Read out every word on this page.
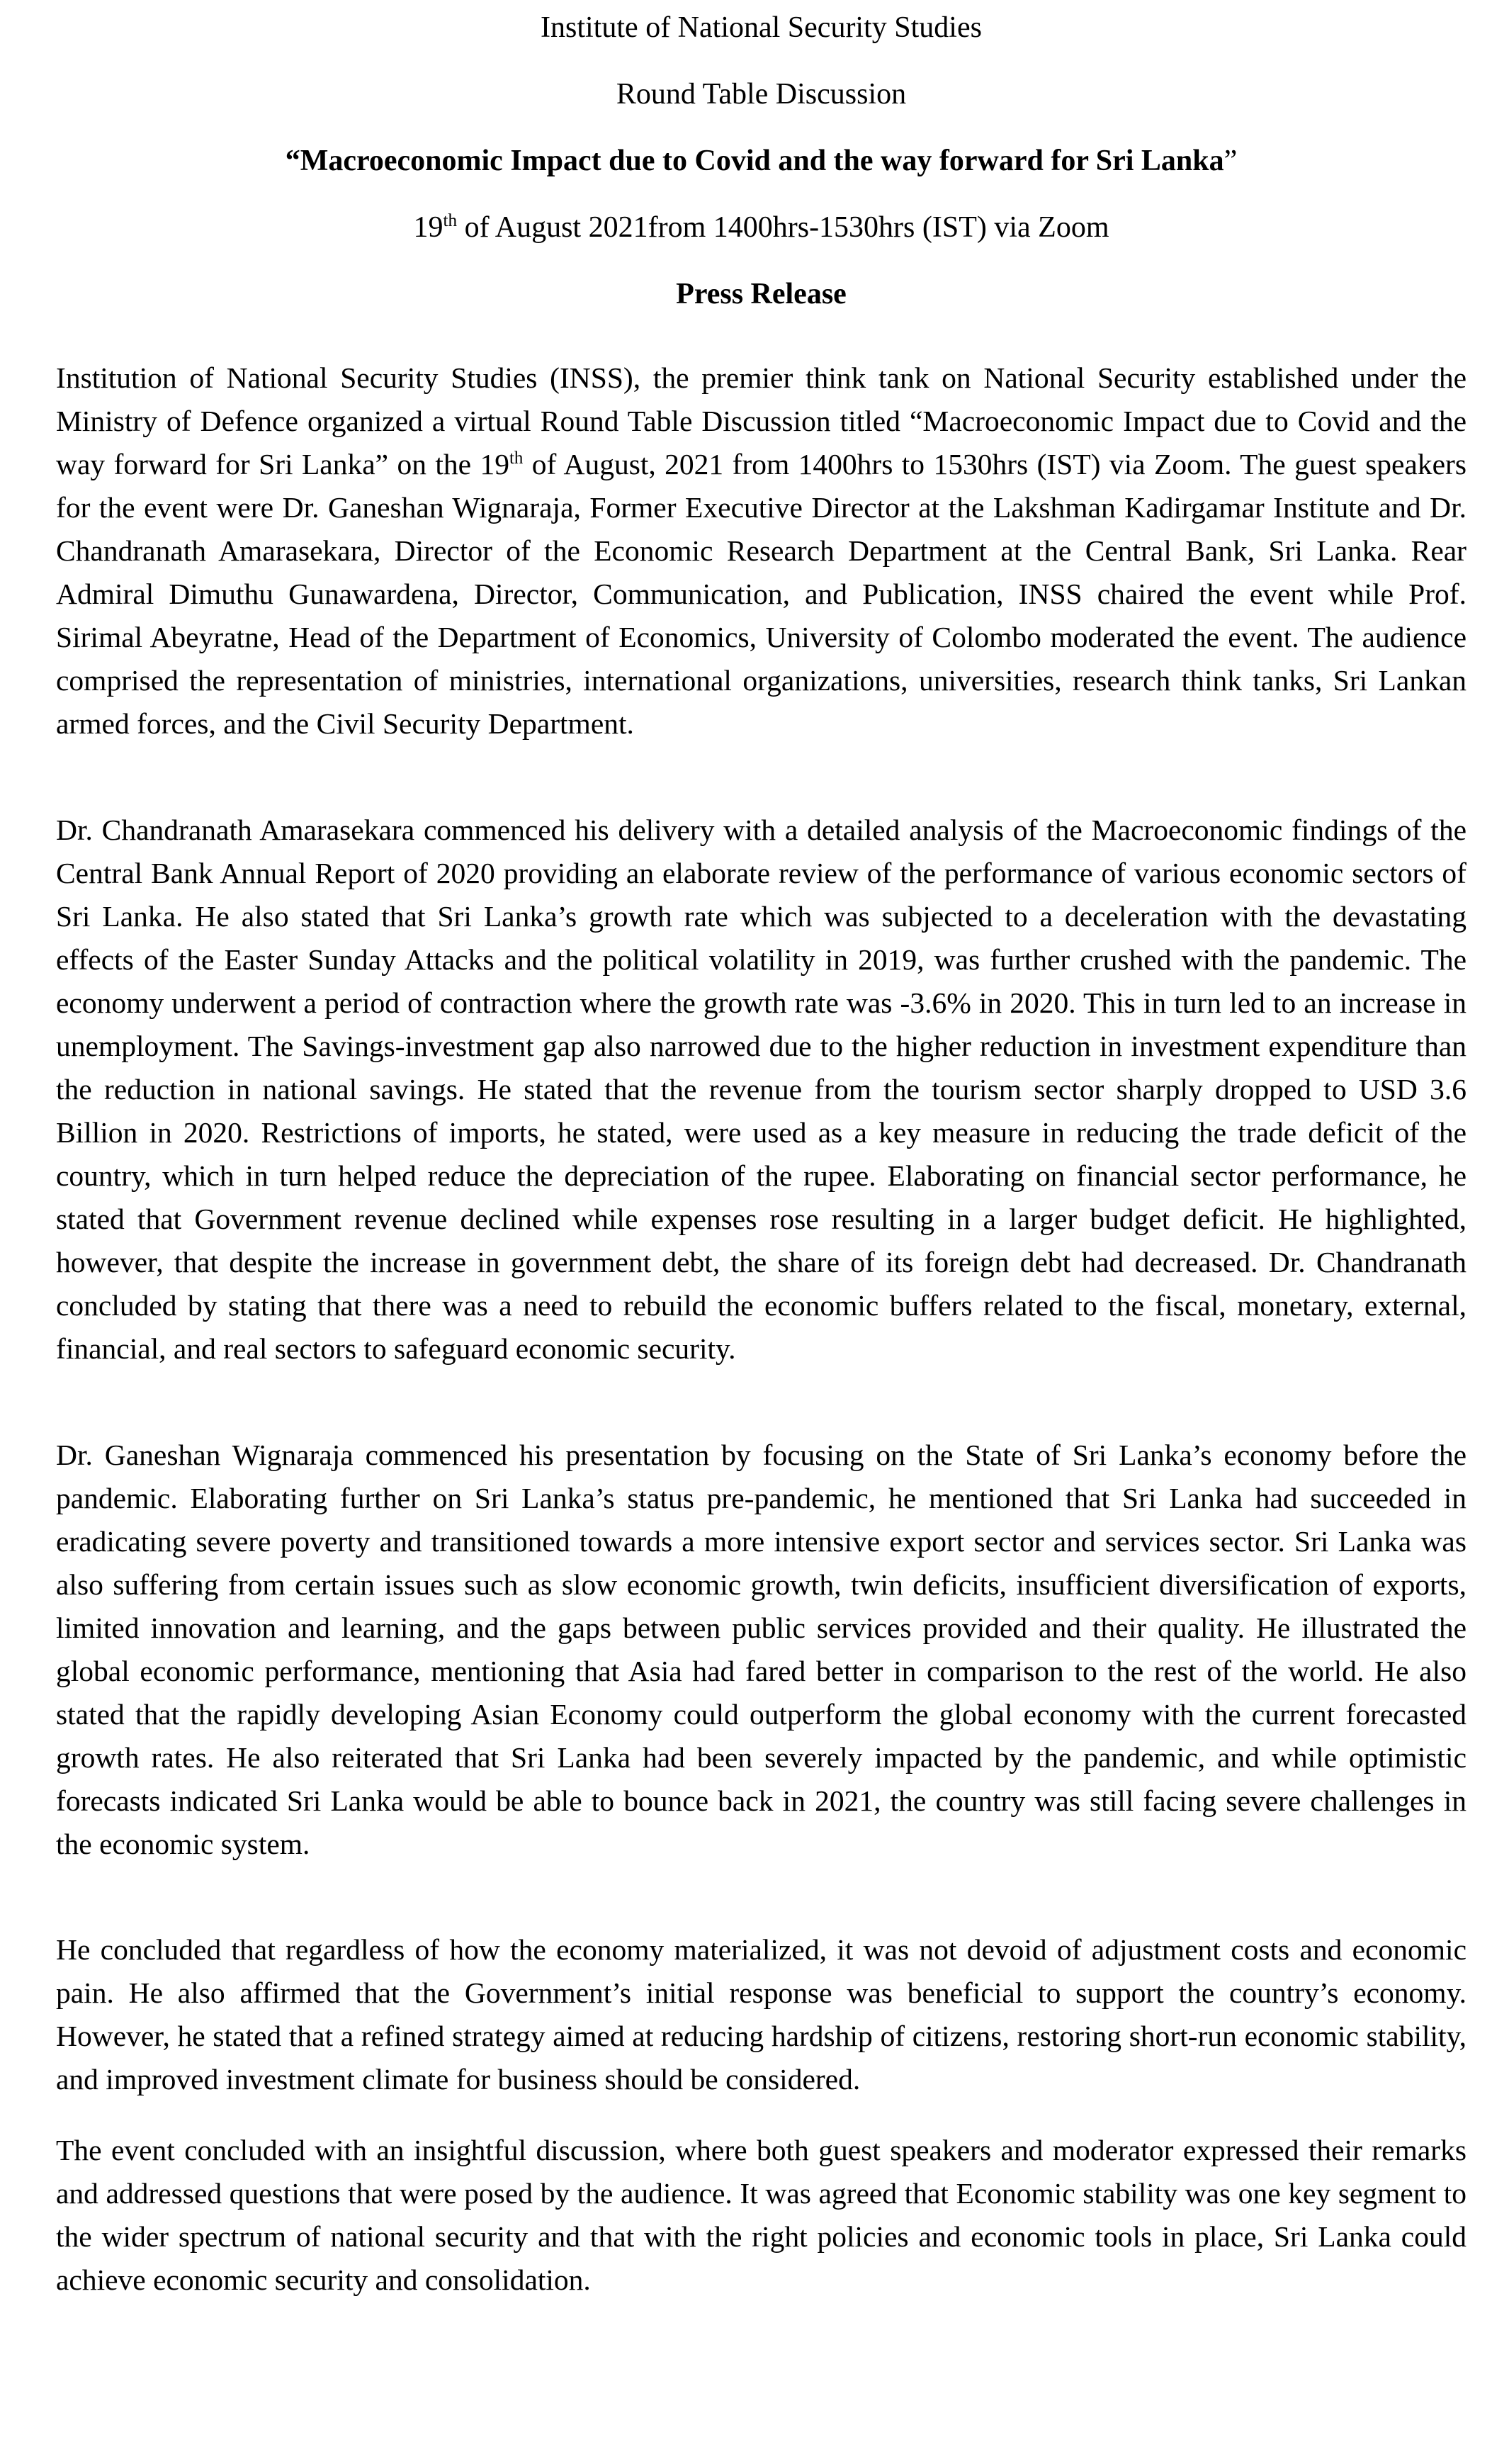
Institute of National Security Studies

Round Table Discussion

“Macroeconomic Impact due to Covid and the way forward for Sri Lanka”

19th of August 2021from 1400hrs-1530hrs (IST) via Zoom

Press Release

Institution of National Security Studies (INSS), the premier think tank on National Security established under the Ministry of Defence organized a virtual Round Table Discussion titled “Macroeconomic Impact due to Covid and the way forward for Sri Lanka” on the 19th of August, 2021 from 1400hrs to 1530hrs (IST) via Zoom. The guest speakers for the event were Dr. Ganeshan Wignaraja, Former Executive Director at the Lakshman Kadirgamar Institute and Dr. Chandranath Amarasekara, Director of the Economic Research Department at the Central Bank, Sri Lanka. Rear Admiral Dimuthu Gunawardena, Director, Communication, and Publication, INSS chaired the event while Prof. Sirimal Abeyratne, Head of the Department of Economics, University of Colombo moderated the event. The audience comprised the representation of ministries, international organizations, universities, research think tanks, Sri Lankan armed forces, and the Civil Security Department.

Dr. Chandranath Amarasekara commenced his delivery with a detailed analysis of the Macroeconomic findings of the Central Bank Annual Report of 2020 providing an elaborate review of the performance of various economic sectors of Sri Lanka. He also stated that Sri Lanka’s growth rate which was subjected to a deceleration with the devastating effects of the Easter Sunday Attacks and the political volatility in 2019, was further crushed with the pandemic. The economy underwent a period of contraction where the growth rate was -3.6% in 2020. This in turn led to an increase in unemployment. The Savings-investment gap also narrowed due to the higher reduction in investment expenditure than the reduction in national savings. He stated that the revenue from the tourism sector sharply dropped to USD 3.6 Billion in 2020. Restrictions of imports, he stated, were used as a key measure in reducing the trade deficit of the country, which in turn helped reduce the depreciation of the rupee. Elaborating on financial sector performance, he stated that Government revenue declined while expenses rose resulting in a larger budget deficit. He highlighted, however, that despite the increase in government debt, the share of its foreign debt had decreased. Dr. Chandranath concluded by stating that there was a need to rebuild the economic buffers related to the fiscal, monetary, external, financial, and real sectors to safeguard economic security.

Dr. Ganeshan Wignaraja commenced his presentation by focusing on the State of Sri Lanka’s economy before the pandemic. Elaborating further on Sri Lanka’s status pre-pandemic, he mentioned that Sri Lanka had succeeded in eradicating severe poverty and transitioned towards a more intensive export sector and services sector. Sri Lanka was also suffering from certain issues such as slow economic growth, twin deficits, insufficient diversification of exports, limited innovation and learning, and the gaps between public services provided and their quality. He illustrated the global economic performance, mentioning that Asia had fared better in comparison to the rest of the world. He also stated that the rapidly developing Asian Economy could outperform the global economy with the current forecasted growth rates. He also reiterated that Sri Lanka had been severely impacted by the pandemic, and while optimistic forecasts indicated Sri Lanka would be able to bounce back in 2021, the country was still facing severe challenges in the economic system.

He concluded that regardless of how the economy materialized, it was not devoid of adjustment costs and economic pain. He also affirmed that the Government’s initial response was beneficial to support the country’s economy. However, he stated that a refined strategy aimed at reducing hardship of citizens, restoring short-run economic stability, and improved investment climate for business should be considered.

The event concluded with an insightful discussion, where both guest speakers and moderator expressed their remarks and addressed questions that were posed by the audience. It was agreed that Economic stability was one key segment to the wider spectrum of national security and that with the right policies and economic tools in place, Sri Lanka could achieve economic security and consolidation.
